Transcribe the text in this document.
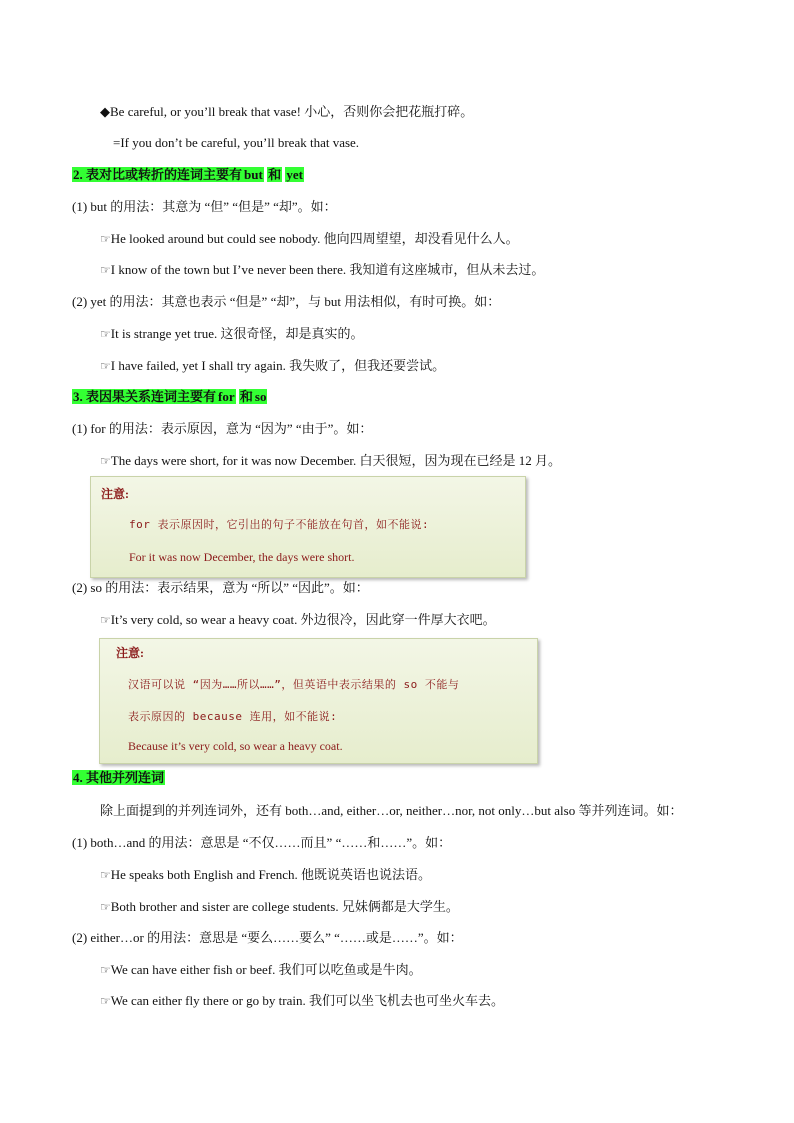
◆Be careful, or you’ll break that vase! 小心，否则你会把花瓶打碎。
=If you don’t be careful, you’ll break that vase.
2. 表对比或转折的连词主要有 but 和 yet
(1) but 的用法：其意为 “但” “但是” “却”。如：
☞He looked around but could see nobody. 他向四周望望，却没看见什么人。
☞I know of the town but I’ve never been there. 我知道有这座城市，但从未去过。
(2) yet 的用法：其意也表示 “但是” “却”，与 but 用法相似，有时可换。如：
☞It is strange yet true. 这很奇怪，却是真实的。
☞I have failed, yet I shall try again. 我失败了，但我还要尝试。
3. 表因果关系连词主要有 for 和 so
(1) for 的用法：表示原因，意为 “因为” “由于”。如：
☞The days were short, for it was now December. 白天很短，因为现在已经是 12 月。
注意:
for 表示原因时，它引出的句子不能放在句首，如不能说:
For it was now December, the days were short.
(2) so 的用法：表示结果，意为 “所以” “因此”。如：
☞It’s very cold, so wear a heavy coat. 外边很冷，因此穿一件厚大衣吧。
注意:
汉语可以说 “因为……所以……”，但英语中表示结果的 so 不能与
表示原因的 because 连用，如不能说:
Because it’s very cold, so wear a heavy coat.
4. 其他并列连词
除上面提到的并列连词外，还有 both…and, either…or, neither…nor, not only…but also 等并列连词。如：
(1) both…and 的用法：意思是 “不仅……而且” “……和……”。如：
☞He speaks both English and French. 他既说英语也说法语。
☞Both brother and sister are college students. 兄妹俩都是大学生。
(2) either…or 的用法：意思是 “要么……要么” “……或是……”。如：
☞We can have either fish or beef. 我们可以吃鱼或是牛肉。
☞We can either fly there or go by train. 我们可以坐飞机去也可坐火车去。
